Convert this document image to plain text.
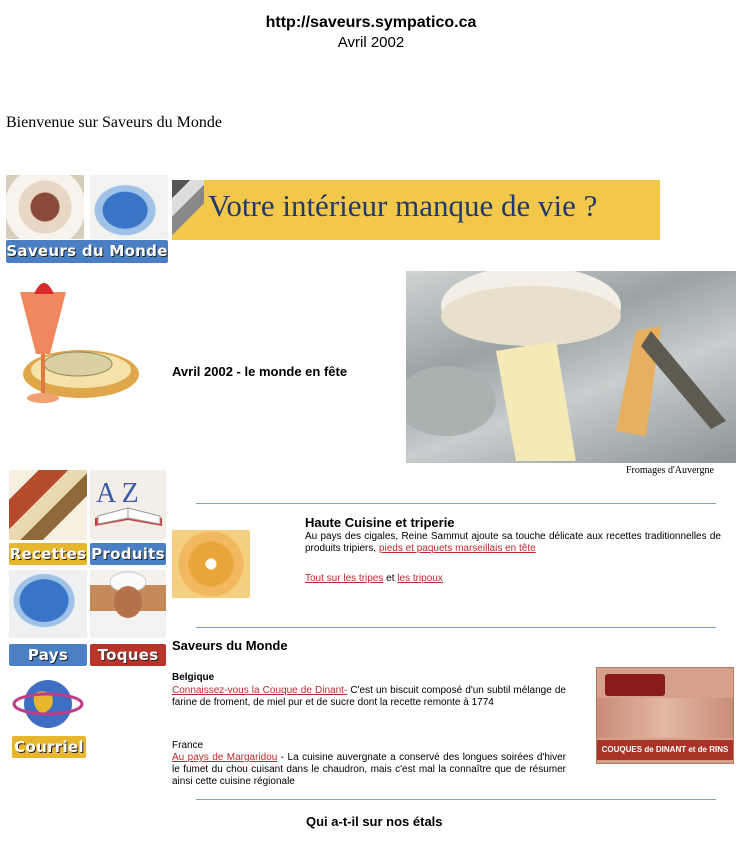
http://saveurs.sympatico.ca
Avril 2002
Bienvenue sur Saveurs du Monde
Saveurs du Monde
Votre intérieur manque de vie ?
Avril 2002 - le monde en fête
Fromages d'Auvergne
A Z
Recettes Produits
Pays	Toques
Courriel
Haute Cuisine et triperie
Au pays des cigales, Reine Sammut ajoute sa touche délicate aux recettes traditionnelles de produits tripiers, pieds et paquets marseillais en tête
Tout sur les tripes et les tripoux
Saveurs du Monde
Belgique
Connaissez-vous la Couque de Dinant- C'est un biscuit composé d'un subtil mélange de farine de froment, de miel pur et de sucre dont la recette remonte à 1774
France
Au pays de Margaridou - La cuisine auvergnate a conservé des longues soirées d'hiver le fumet du chou cuisant dans le chaudron, mais c'est mal la connaître que de résumer ainsi cette cuisine régionale
COUQUES de DINANT et de RINS
Qui a-t-il sur nos étals
